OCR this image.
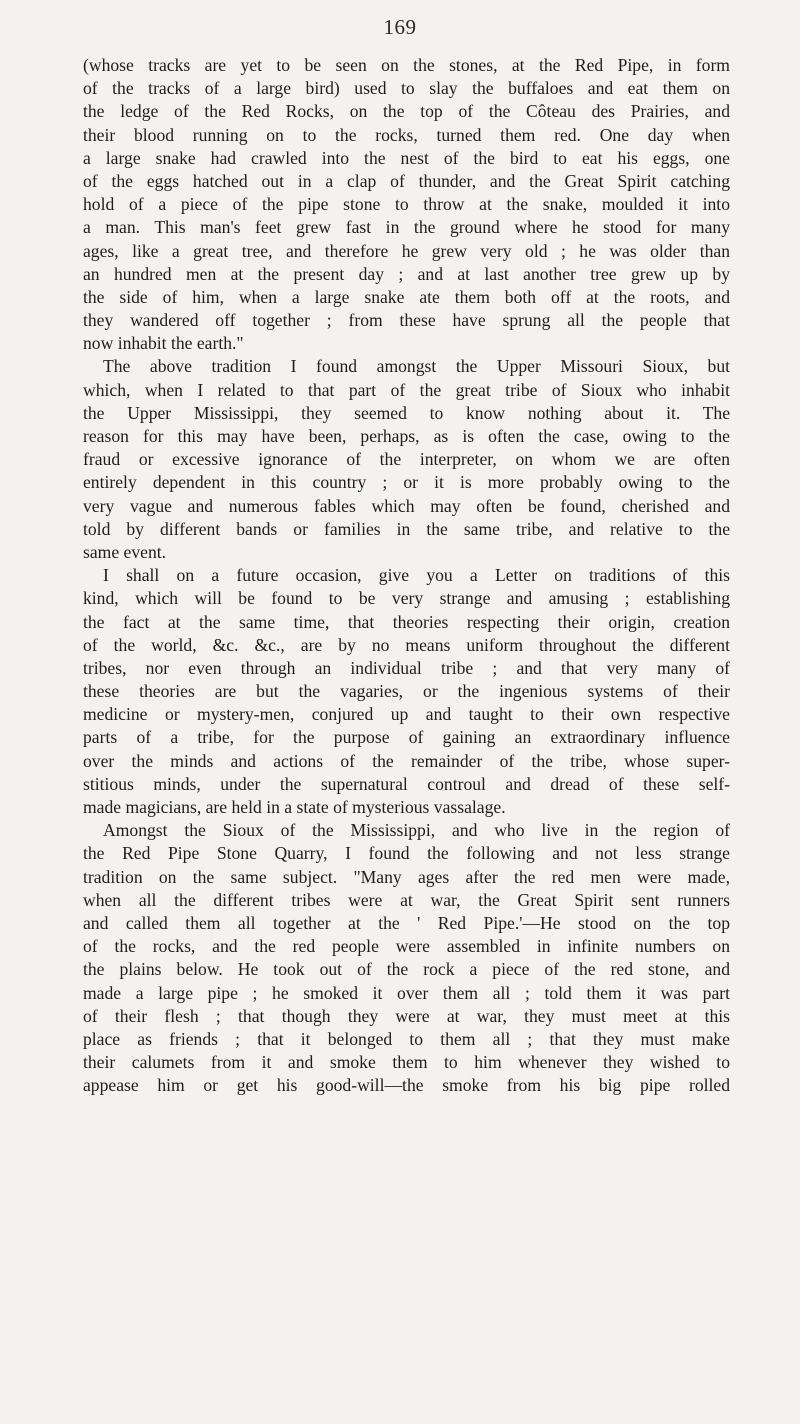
169
(whose tracks are yet to be seen on the stones, at the Red Pipe, in form
of the tracks of a large bird) used to slay the buffaloes and eat them on
the ledge of the Red Rocks, on the top of the Côteau des Prairies, and
their blood running on to the rocks, turned them red. One day when
a large snake had crawled into the nest of the bird to eat his eggs, one
of the eggs hatched out in a clap of thunder, and the Great Spirit catching
hold of a piece of the pipe stone to throw at the snake, moulded it into
a man. This man's feet grew fast in the ground where he stood for many
ages, like a great tree, and therefore he grew very old ; he was older than
an hundred men at the present day ; and at last another tree grew up by
the side of him, when a large snake ate them both off at the roots, and
they wandered off together ; from these have sprung all the people that
now inhabit the earth."
The above tradition I found amongst the Upper Missouri Sioux, but
which, when I related to that part of the great tribe of Sioux who inhabit
the Upper Mississippi, they seemed to know nothing about it. The
reason for this may have been, perhaps, as is often the case, owing to the
fraud or excessive ignorance of the interpreter, on whom we are often
entirely dependent in this country ; or it is more probably owing to the
very vague and numerous fables which may often be found, cherished and
told by different bands or families in the same tribe, and relative to the
same event.
I shall on a future occasion, give you a Letter on traditions of this
kind, which will be found to be very strange and amusing ; establishing
the fact at the same time, that theories respecting their origin, creation
of the world, &c. &c., are by no means uniform throughout the different
tribes, nor even through an individual tribe ; and that very many of
these theories are but the vagaries, or the ingenious systems of their
medicine or mystery-men, conjured up and taught to their own respective
parts of a tribe, for the purpose of gaining an extraordinary influence
over the minds and actions of the remainder of the tribe, whose super-
stitious minds, under the supernatural controul and dread of these self-
made magicians, are held in a state of mysterious vassalage.
Amongst the Sioux of the Mississippi, and who live in the region of
the Red Pipe Stone Quarry, I found the following and not less strange
tradition on the same subject. "Many ages after the red men were made,
when all the different tribes were at war, the Great Spirit sent runners
and called them all together at the ' Red Pipe.'—He stood on the top
of the rocks, and the red people were assembled in infinite numbers on
the plains below. He took out of the rock a piece of the red stone, and
made a large pipe ; he smoked it over them all ; told them it was part
of their flesh ; that though they were at war, they must meet at this
place as friends ; that it belonged to them all ; that they must make
their calumets from it and smoke them to him whenever they wished to
appease him or get his good-will—the smoke from his big pipe rolled
